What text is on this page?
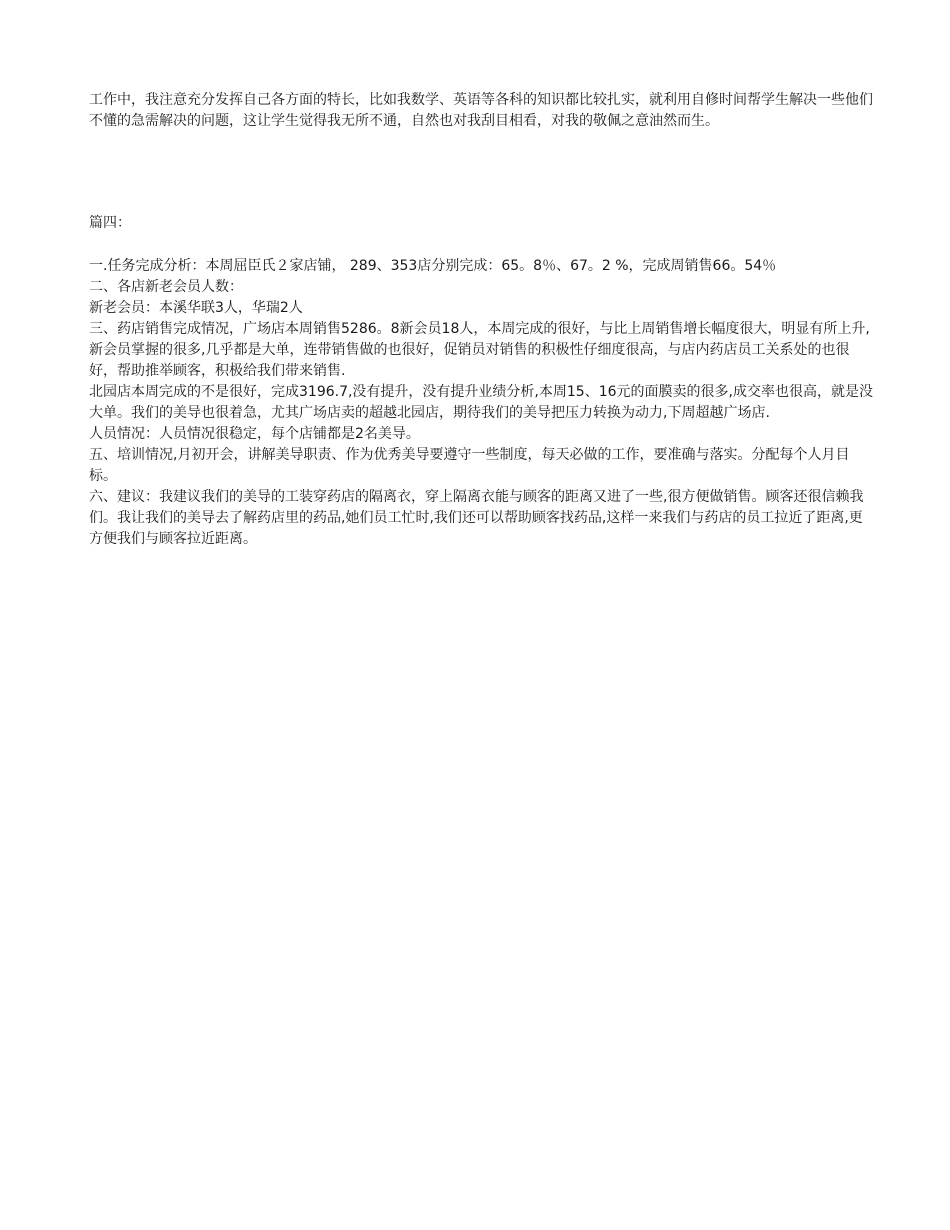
工作中，我注意充分发挥自己各方面的特长，比如我数学、英语等各科的知识都比较扎实，就利用自修时间帮学生解决一些他们不懂的急需解决的问题，这让学生觉得我无所不通，自然也对我刮目相看，对我的敬佩之意油然而生。

篇四：

一.任务完成分析：本周屈臣氏２家店铺， 289、353店分别完成：65。8％、67。2 %，完成周销售66。54％

二、各店新老会员人数：

新老会员：本溪华联3人，华瑞2人

三、药店销售完成情况，广场店本周销售5286。8新会员18人，本周完成的很好，与比上周销售增长幅度很大，明显有所上升,新会员掌握的很多,几乎都是大单，连带销售做的也很好，促销员对销售的积极性仔细度很高，与店内药店员工关系处的也很好，帮助推举顾客，积极给我们带来销售.

北园店本周完成的不是很好，完成3196.7,没有提升，没有提升业绩分析,本周15、16元的面膜卖的很多,成交率也很高，就是没大单。我们的美导也很着急，尤其广场店卖的超越北园店，期待我们的美导把压力转换为动力,下周超越广场店.

人员情况：人员情况很稳定，每个店铺都是2名美导。

五、培训情况,月初开会，讲解美导职责、作为优秀美导要遵守一些制度，每天必做的工作，要准确与落实。分配每个人月目标。

六、建议：我建议我们的美导的工装穿药店的隔离衣，穿上隔离衣能与顾客的距离又进了一些,很方便做销售。顾客还很信赖我们。我让我们的美导去了解药店里的药品,她们员工忙时,我们还可以帮助顾客找药品,这样一来我们与药店的员工拉近了距离,更方便我们与顾客拉近距离。
